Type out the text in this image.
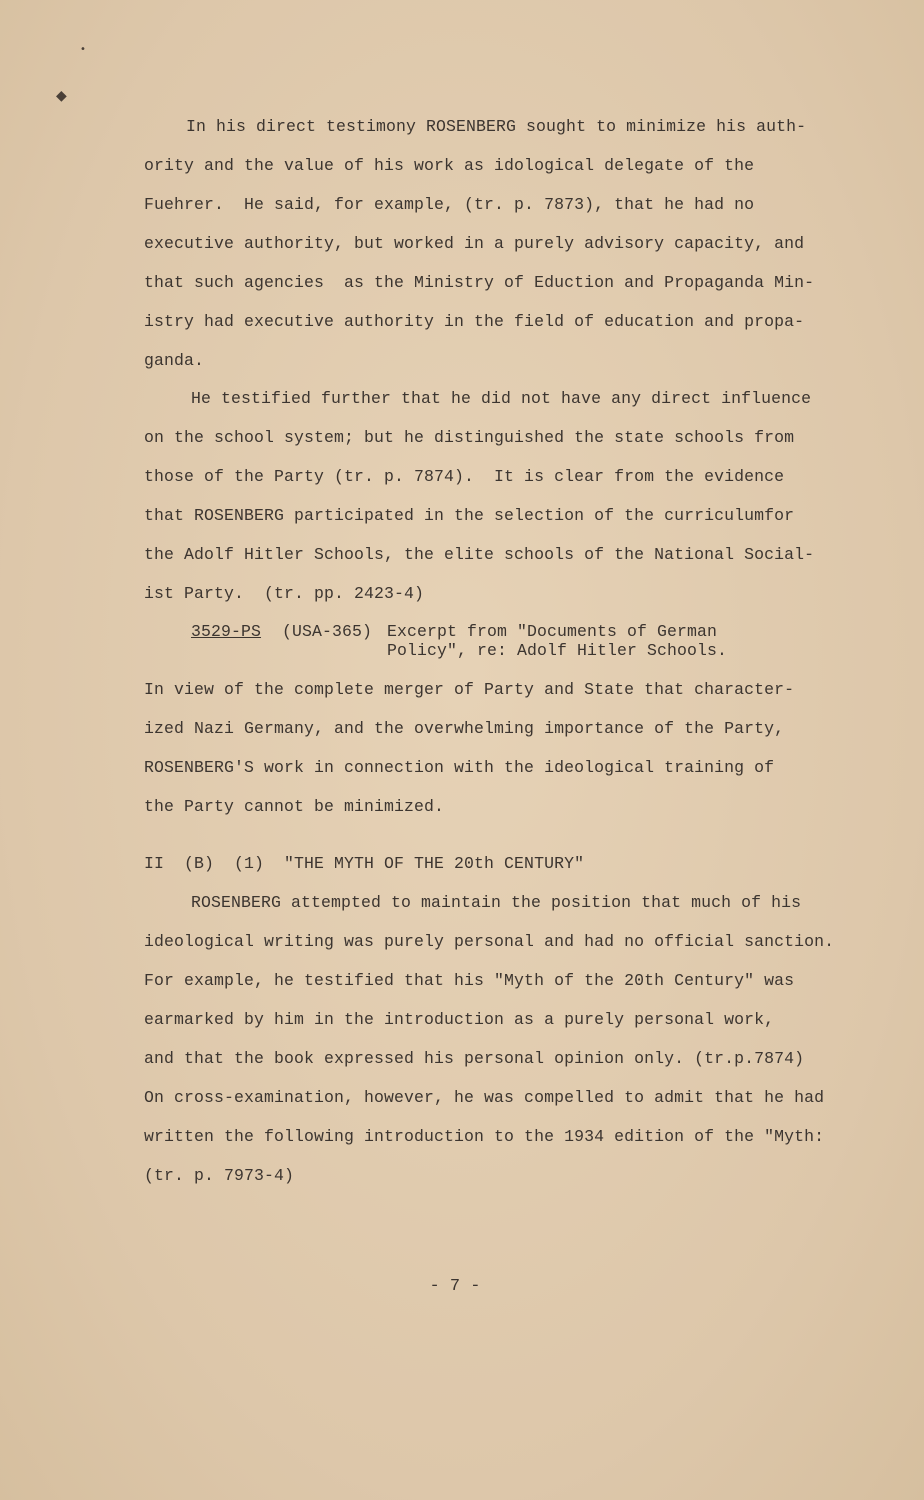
•
◆
In his direct testimony ROSENBERG sought to minimize his auth-
ority and the value of his work as idological delegate of the
Fuehrer.  He said, for example, (tr. p. 7873), that he had no
executive authority, but worked in a purely advisory capacity, and
that such agencies  as the Ministry of Eduction and Propaganda Min-
istry had executive authority in the field of education and propa-
ganda.
He testified further that he did not have any direct influence
on the school system; but he distinguished the state schools from
those of the Party (tr. p. 7874).  It is clear from the evidence
that ROSENBERG participated in the selection of the curriculumfor
the Adolf Hitler Schools, the elite schools of the National Social-
ist Party.  (tr. pp. 2423-4)
3529-PS (USA-365) Excerpt from "Documents of German
Policy", re: Adolf Hitler Schools.
In view of the complete merger of Party and State that character-
ized Nazi Germany, and the overwhelming importance of the Party,
ROSENBERG'S work in connection with the ideological training of
the Party cannot be minimized.
II  (B)  (1)  "THE MYTH OF THE 20th CENTURY"
ROSENBERG attempted to maintain the position that much of his
ideological writing was purely personal and had no official sanction.
For example, he testified that his "Myth of the 20th Century" was
earmarked by him in the introduction as a purely personal work,
and that the book expressed his personal opinion only. (tr.p.7874)
On cross-examination, however, he was compelled to admit that he had
written the following introduction to the 1934 edition of the "Myth:
(tr. p. 7973-4)
- 7 -
